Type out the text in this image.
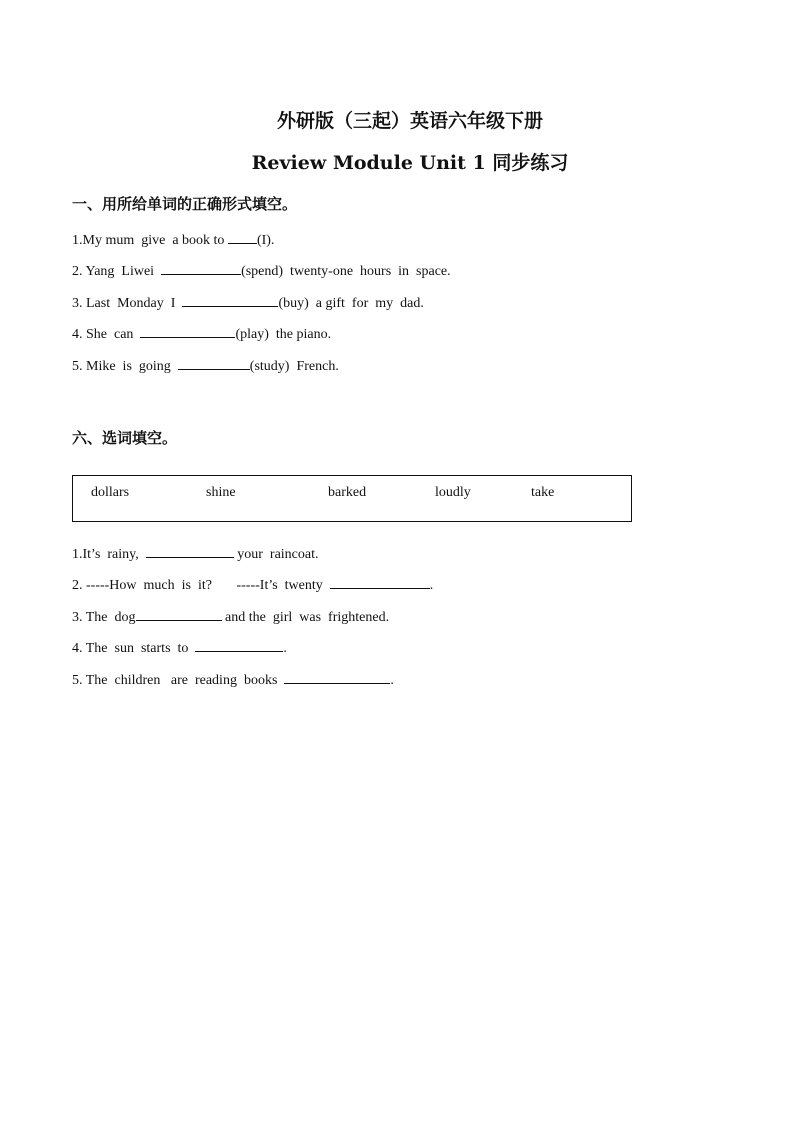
外研版（三起）英语六年级下册
Review Module Unit 1 同步练习
一、用所给单词的正确形式填空。
1.My mum  give  a book to (I).
2. Yang  Liwei	(spend)  twenty-one  hours  in  space.
3. Last  Monday  I	(buy)  a gift  for  my  dad.
4. She  can	(play)  the piano.
5. Mike  is  going	(study)  French.
六、选词填空。
dollars	shine	barked	loudly	take
1.It’s  rainy,	your  raincoat.
2. -----How  much  is  it?       -----It’s  twenty	.
3. The  dog	and the  girl  was  frightened.
4. The  sun  starts  to	.
5. The  children   are  reading  books	.
